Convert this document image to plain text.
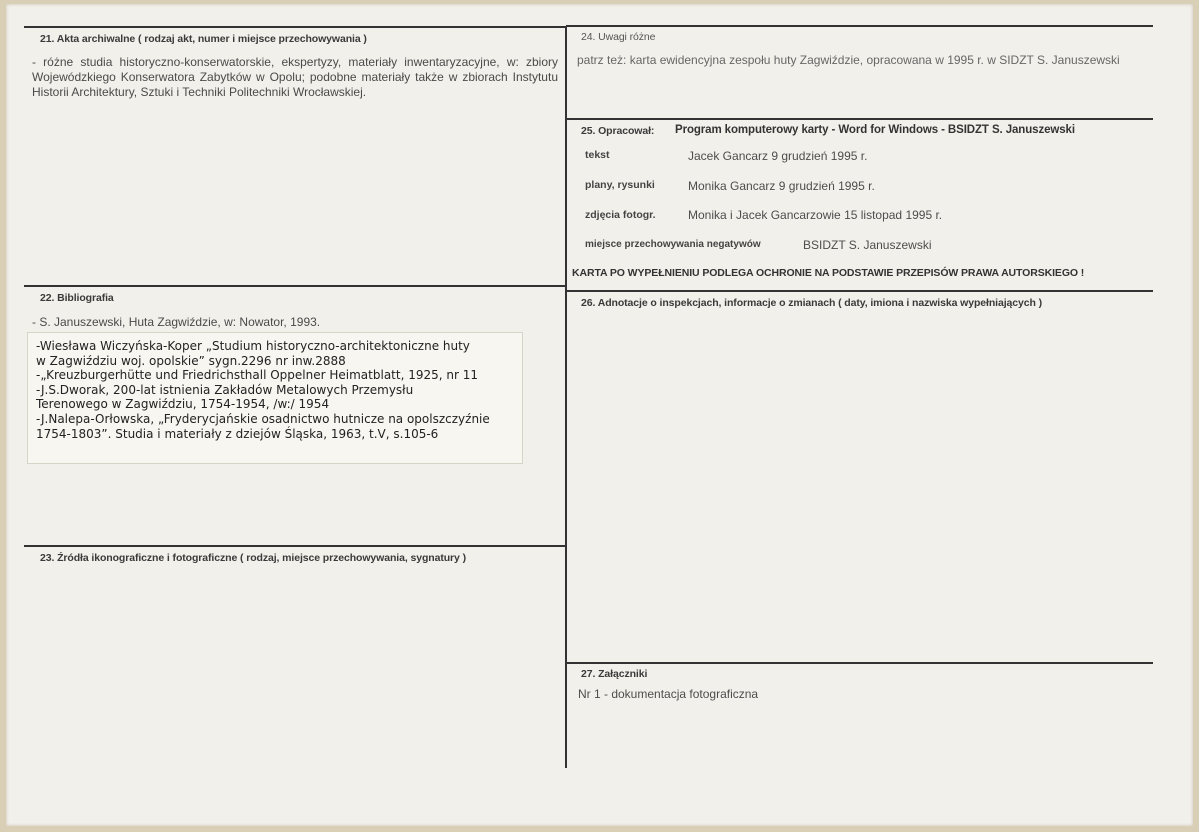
21. Akta archiwalne ( rodzaj akt, numer i miejsce przechowywania )
- różne studia historyczno-konserwatorskie, ekspertyzy, materiały inwentaryzacyjne, w: zbiory Wojewódzkiego Konserwatora Zabytków w Opolu; podobne materiały także w zbiorach Instytutu Historii Architektury, Sztuki i Techniki Politechniki Wrocławskiej.
22. Bibliografia
- S. Januszewski, Huta Zagwiździe, w: Nowator, 1993.
-Wiesława Wiczyńska-Koper „Studium historyczno-architektoniczne huty
w Zagwiździu woj. opolskie” sygn.2296 nr inw.2888
-„Kreuzburgerhütte und Friedrichsthall Oppelner Heimatblatt, 1925, nr 11
-J.S.Dworak, 200-lat istnienia Zakładów Metalowych Przemysłu
Terenowego w Zagwiździu, 1754-1954, /w:/ 1954
-J.Nalepa-Orłowska, „Fryderycjańskie osadnictwo hutnicze na opolszczyźnie
1754-1803”. Studia i materiały z dziejów Śląska, 1963, t.V, s.105-6
23. Źródła ikonograficzne i fotograficzne ( rodzaj, miejsce przechowywania, sygnatury )
24. Uwagi różne
patrz też: karta ewidencyjna zespołu huty Zagwiździe, opracowana w 1995 r. w SIDZT S. Januszewski
25. Opracował: Program komputerowy karty - Word for Windows - BSIDZT S. Januszewski
tekst	Jacek Gancarz 9 grudzień 1995 r.
plany, rysunki	Monika Gancarz 9 grudzień 1995 r.
zdjęcia fotogr.	Monika i Jacek Gancarzowie 15 listopad 1995 r.
miejsce przechowywania negatywów	BSIDZT S. Januszewski
KARTA PO WYPEŁNIENIU PODLEGA OCHRONIE NA PODSTAWIE PRZEPISÓW PRAWA AUTORSKIEGO !
26. Adnotacje o inspekcjach, informacje o zmianach ( daty, imiona i nazwiska wypełniających )
27. Załączniki
Nr 1 - dokumentacja fotograficzna
